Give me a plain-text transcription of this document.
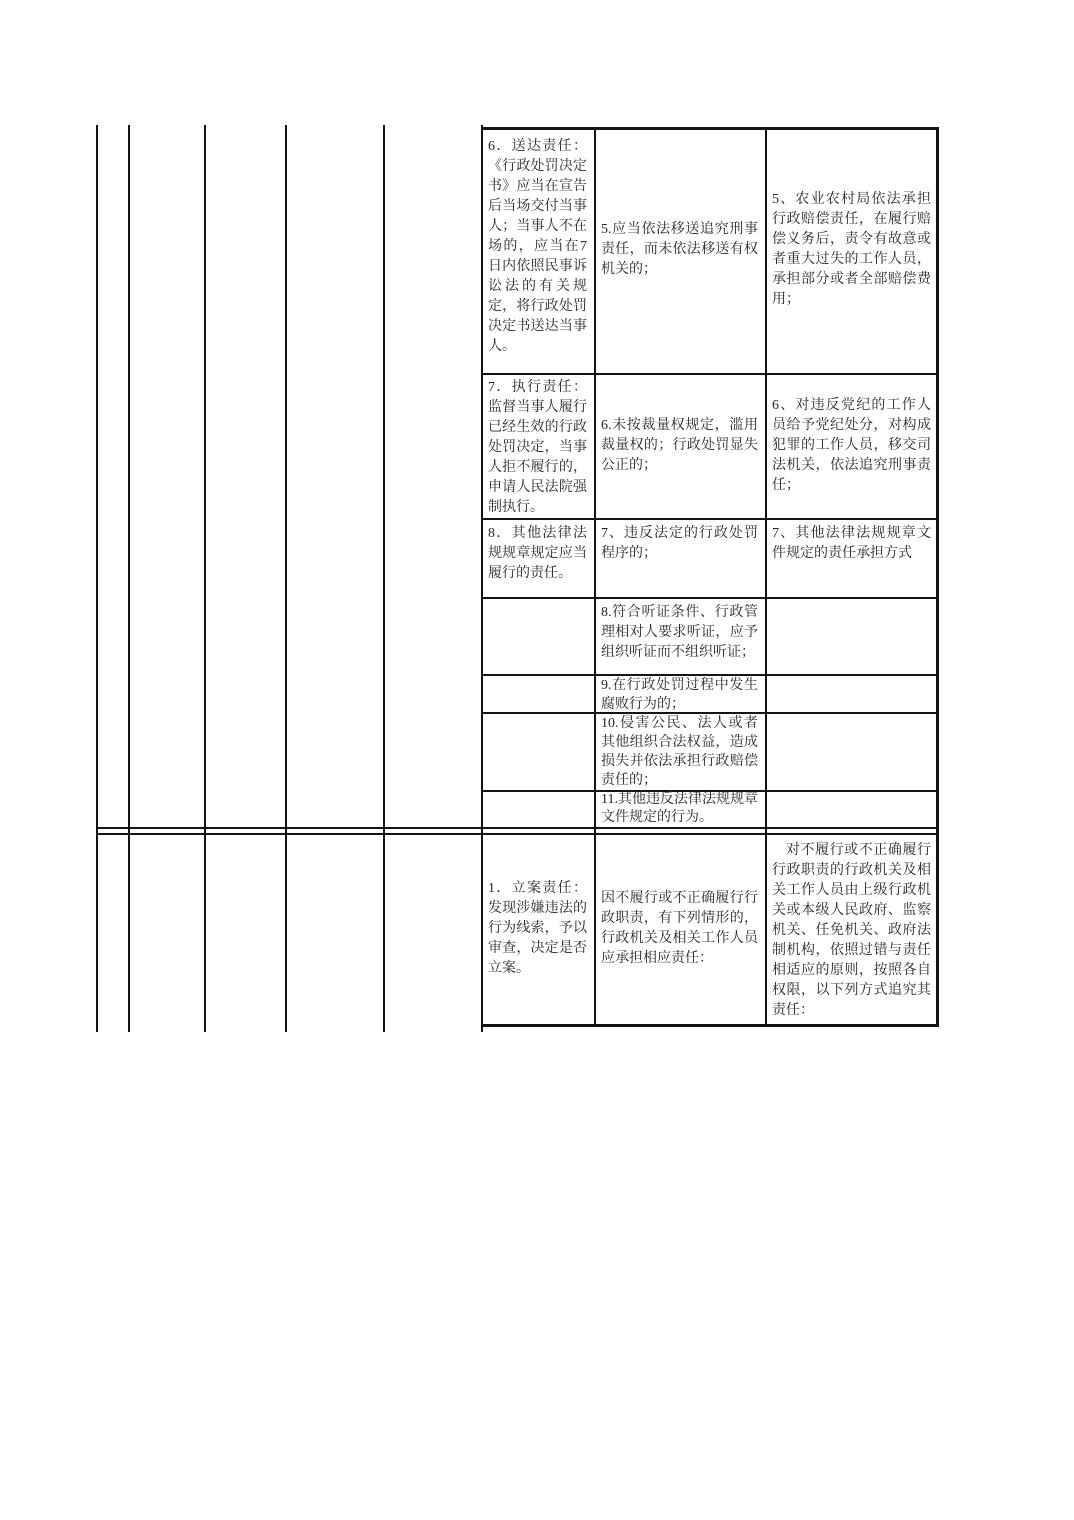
6．送达责任：《行政处罚决定书》应当在宣告后当场交付当事人；当事人不在场的，应当在7日内依照民事诉讼法的有关规定，将行政处罚决定书送达当事人。

7．执行责任：监督当事人履行已经生效的行政处罚决定，当事人拒不履行的，申请人民法院强制执行。

8．其他法律法规规章规定应当履行的责任。

5.应当依法移送追究刑事责任，而未依法移送有权机关的；

6.未按裁量权规定，滥用裁量权的；行政处罚显失公正的；

7、违反法定的行政处罚程序的；

8.符合听证条件、行政管理相对人要求听证，应予组织听证而不组织听证；

9.在行政处罚过程中发生腐败行为的；

10.侵害公民、法人或者其他组织合法权益，造成损失并依法承担行政赔偿责任的；

11.其他违反法律法规规章文件规定的行为。

5、农业农村局依法承担行政赔偿责任，在履行赔偿义务后，责令有故意或者重大过失的工作人员，承担部分或者全部赔偿费用；

6、对违反党纪的工作人员给予党纪处分，对构成犯罪的工作人员，移交司法机关，依法追究刑事责任；

7、其他法律法规规章文件规定的责任承担方式

1．立案责任：发现涉嫌违法的行为线索，予以审查，决定是否立案。

因不履行或不正确履行行政职责，有下列情形的，行政机关及相关工作人员应承担相应责任：

对不履行或不正确履行行政职责的行政机关及相关工作人员由上级行政机关或本级人民政府、监察机关、任免机关、政府法制机构，依照过错与责任相适应的原则，按照各自权限，以下列方式追究其责任：
